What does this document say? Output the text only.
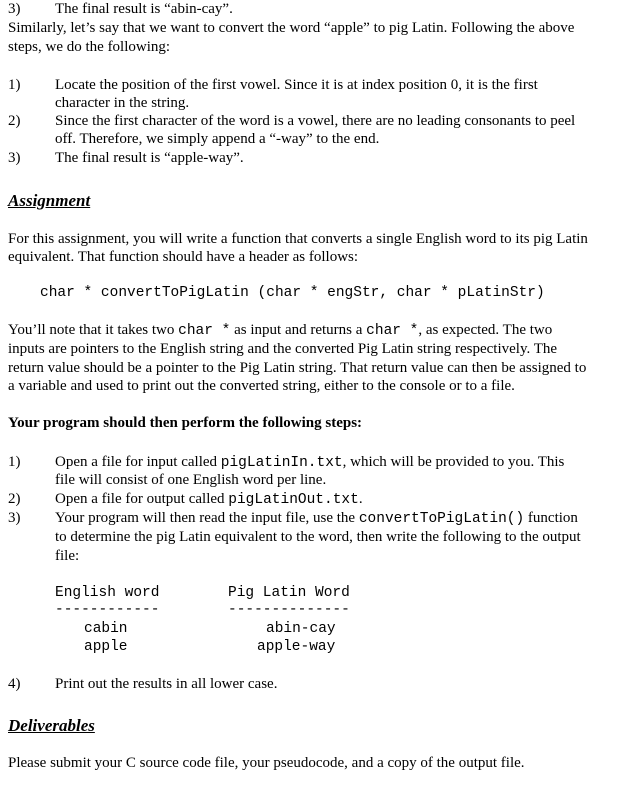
3) The final result is “abin-cay”.
Similarly, let’s say that we want to convert the word “apple” to pig Latin. Following the above
steps, we do the following:
1) Locate the position of the first vowel. Since it is at index position 0, it is the first
character in the string.
2) Since the first character of the word is a vowel, there are no leading consonants to peel
off. Therefore, we simply append a “-way” to the end.
3) The final result is “apple-way”.
Assignment
For this assignment, you will write a function that converts a single English word to its pig Latin
equivalent. That function should have a header as follows:
char * convertToPigLatin (char * engStr, char * pLatinStr)
You’ll note that it takes two char * as input and returns a char *, as expected. The two
inputs are pointers to the English string and the converted Pig Latin string respectively. The
return value should be a pointer to the Pig Latin string. That return value can then be assigned to
a variable and used to print out the converted string, either to the console or to a file.
Your program should then perform the following steps:
1) Open a file for input called pigLatinIn.txt, which will be provided to you. This
file will consist of one English word per line.
2) Open a file for output called pigLatinOut.txt.
3) Your program will then read the input file, use the convertToPigLatin() function
to determine the pig Latin equivalent to the word, then write the following to the output
file:
English word	Pig Latin Word
------------	--------------
cabin	abin-cay
apple	apple-way
4) Print out the results in all lower case.
Deliverables
Please submit your C source code file, your pseudocode, and a copy of the output file.
